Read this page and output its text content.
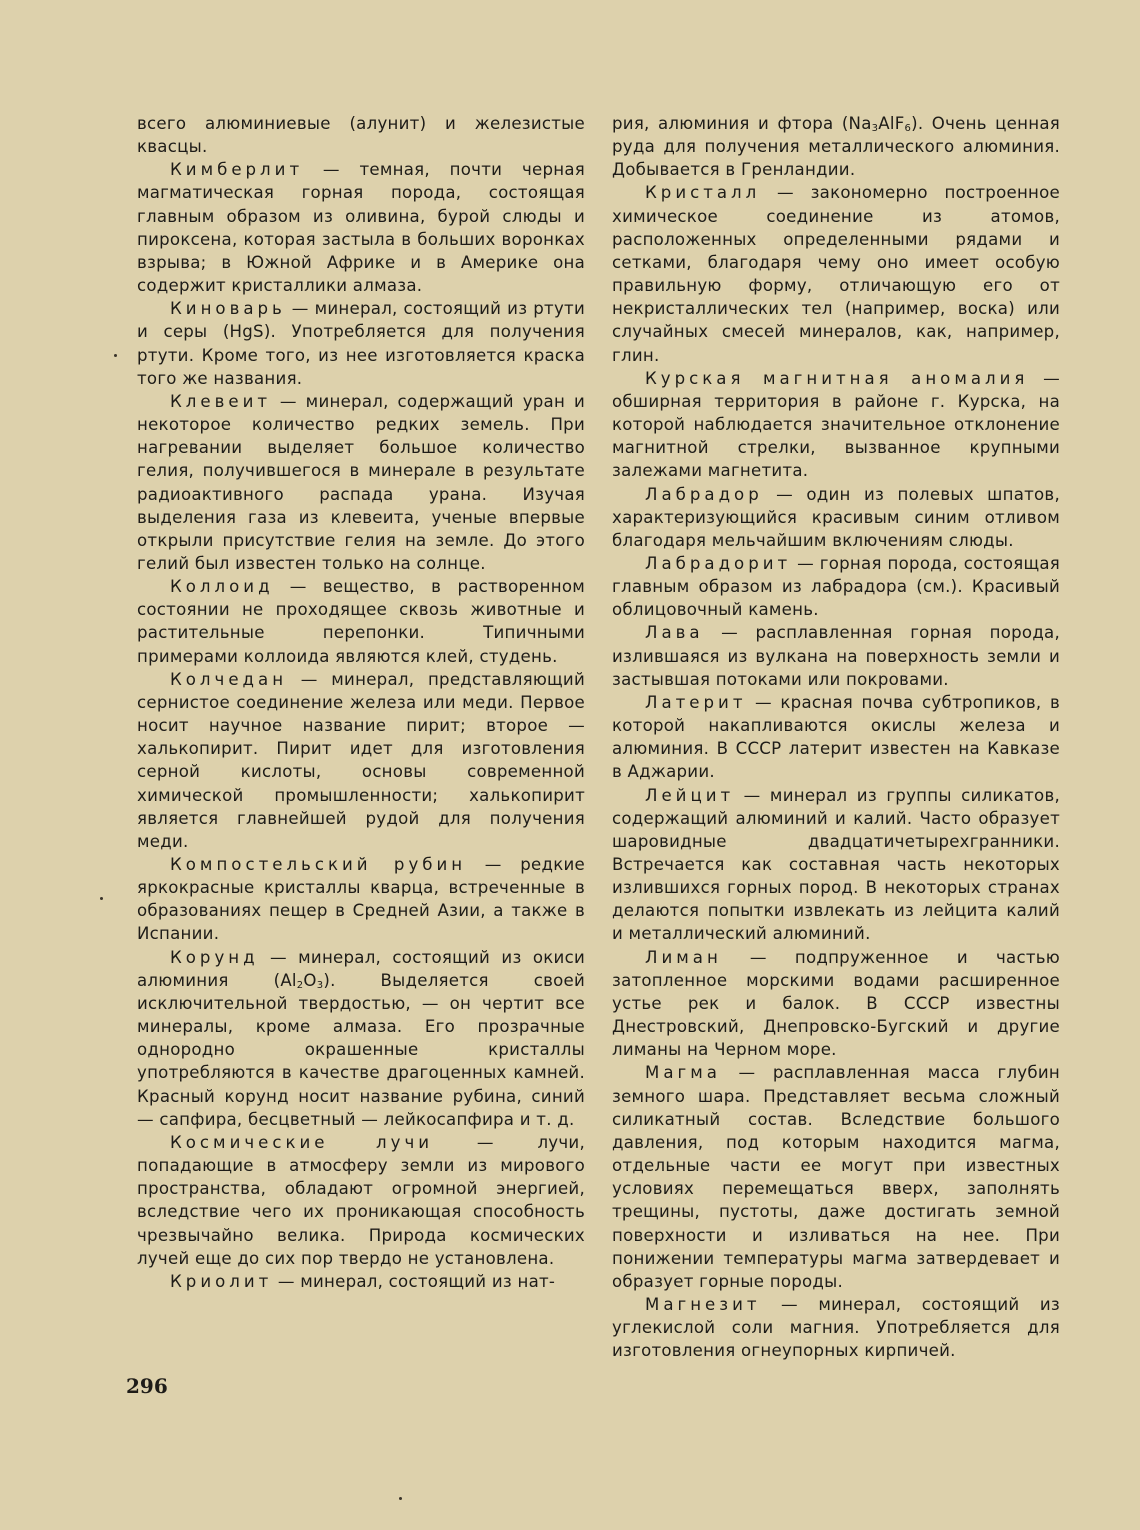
всего алюминиевые (алунит) и железистые квасцы.

Кимберлит — темная, почти черная магматическая горная порода, состоящая главным образом из оливина, бурой слюды и пироксена, которая застыла в больших воронках взрыва; в Южной Африке и в Америке она содержит кристаллики алмаза.

Киноварь — минерал, состоящий из ртути и серы (HgS). Употребляется для получения ртути. Кроме того, из нее изготовляется краска того же названия.

Клевеит — минерал, содержащий уран и некоторое количество редких земель. При нагревании выделяет большое количество гелия, получившегося в минерале в результате радиоактивного распада урана. Изучая выделения газа из клевеита, ученые впервые открыли присутствие гелия на земле. До этого гелий был известен только на солнце.

Коллоид — вещество, в растворенном состоянии не проходящее сквозь животные и растительные перепонки. Типичными примерами коллоида являются клей, студень.

Колчедан — минерал, представляющий сернистое соединение железа или меди. Первое носит научное название пирит; второе — халькопирит. Пирит идет для изготовления серной кислоты, основы современной химической промышленности; халькопирит является главнейшей рудой для получения меди.

Компостельский рубин — редкие яркокрасные кристаллы кварца, встреченные в образованиях пещер в Средней Азии, а также в Испании.

Корунд — минерал, состоящий из окиси алюминия $(Al_2O_3)$. Выделяется своей исключительной твердостью, — он чертит все минералы, кроме алмаза. Его прозрачные однородно окрашенные кристаллы употребляются в качестве драгоценных камней. Красный корунд носит название рубина, синий — сапфира, бесцветный — лейкосапфира и т. д.

Космические лучи — лучи, попадающие в атмосферу земли из мирового пространства, обладают огромной энергией, вследствие чего их проникающая способность чрезвычайно велика. Природа космических лучей еще до сих пор твердо не установлена.

Криолит — минерал, состоящий из нат-

рия, алюминия и фтора $(Na_3AlF_6)$. Очень ценная руда для получения металлического алюминия. Добывается в Гренландии.

Кристалл — закономерно построенное химическое соединение из атомов, расположенных определенными рядами и сетками, благодаря чему оно имеет особую правильную форму, отличающую его от некристаллических тел (например, воска) или случайных смесей минералов, как, например, глин.

Курская магнитная аномалия — обширная территория в районе г. Курска, на которой наблюдается значительное отклонение магнитной стрелки, вызванное крупными залежами магнетита.

Лабрадор — один из полевых шпатов, характеризующийся красивым синим отливом благодаря мельчайшим включениям слюды.

Лабрадорит — горная порода, состоящая главным образом из лабрадора (см.). Красивый облицовочный камень.

Лава — расплавленная горная порода, излившаяся из вулкана на поверхность земли и застывшая потоками или покровами.

Латерит — красная почва субтропиков, в которой накапливаются окислы железа и алюминия. В СССР латерит известен на Кавказе в Аджарии.

Лейцит — минерал из группы силикатов, содержащий алюминий и калий. Часто образует шаровидные двадцатичетырехгранники. Встречается как составная часть некоторых излившихся горных пород. В некоторых странах делаются попытки извлекать из лейцита калий и металлический алюминий.

Лиман — подпруженное и частью затопленное морскими водами расширенное устье рек и балок. В СССР известны Днестровский, Днепровско-Бугский и другие лиманы на Черном море.

Магма — расплавленная масса глубин земного шара. Представляет весьма сложный силикатный состав. Вследствие большого давления, под которым находится магма, отдельные части ее могут при известных условиях перемещаться вверх, заполнять трещины, пустоты, даже достигать земной поверхности и изливаться на нее. При понижении температуры магма затвердевает и образует горные породы.

Магнезит — минерал, состоящий из углекислой соли магния. Употребляется для изготовления огнеупорных кирпичей.

296
